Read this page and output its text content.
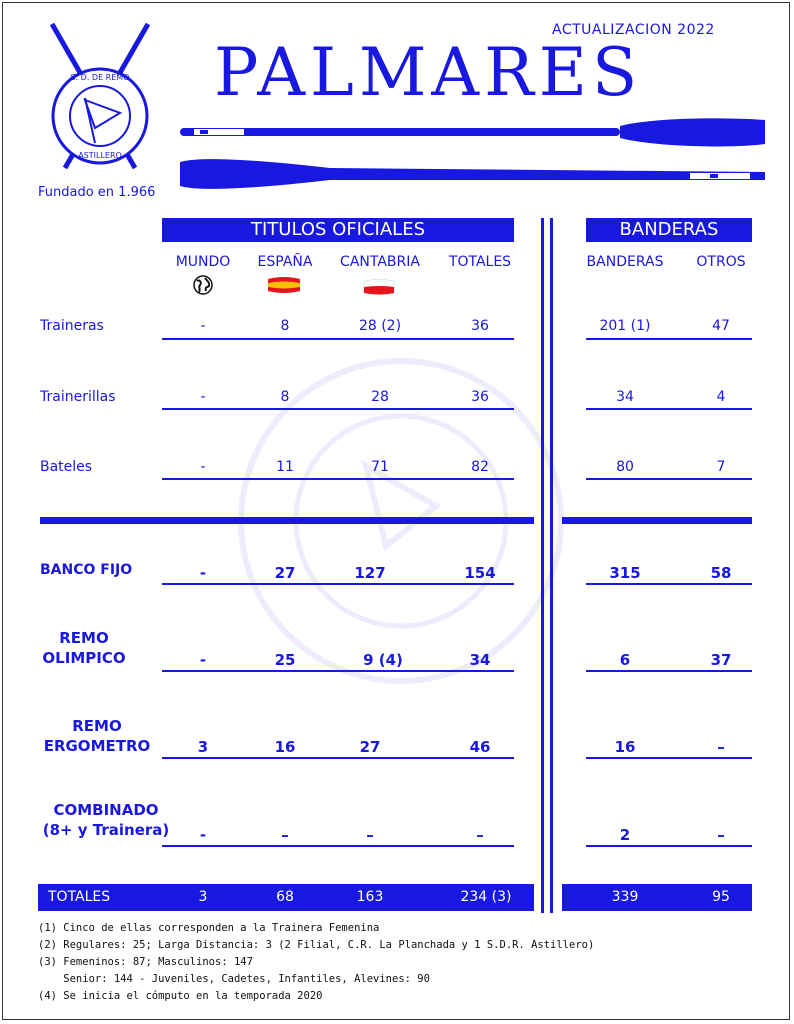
S. D. DE REMO
ASTILLERO
ACTUALIZACION 2022
PALMARES
Fundado en 1.966
TITULOS OFICIALES	BANDERAS
MUNDO	ESPAÑA	CANTABRIA	TOTALES	BANDERAS	OTROS
Traineras	-	8	28 (2)	36	201 (1)	47
Trainerillas	-	8	28	36	34	4
Bateles	-	11	71	82	80	7
BANCO FIJO	-	27	127	154	315	58
REMO OLIMPICO	-	25	9 (4)	34	6	37
REMO ERGOMETRO	3	16	27	46	16	–
COMBINADO (8+ y Trainera)	-	–	–	–	2	–
TOTALES	3	68	163	234 (3)	339	95
(1) Cinco de ellas corresponden a la Trainera Femenina
(2) Regulares: 25; Larga Distancia: 3 (2 Filial, C.R. La Planchada y 1 S.D.R. Astillero)
(3) Femeninos: 87; Masculinos: 147
Senior: 144 - Juveniles, Cadetes, Infantiles, Alevines: 90
(4) Se inicia el cómputo en la temporada 2020
